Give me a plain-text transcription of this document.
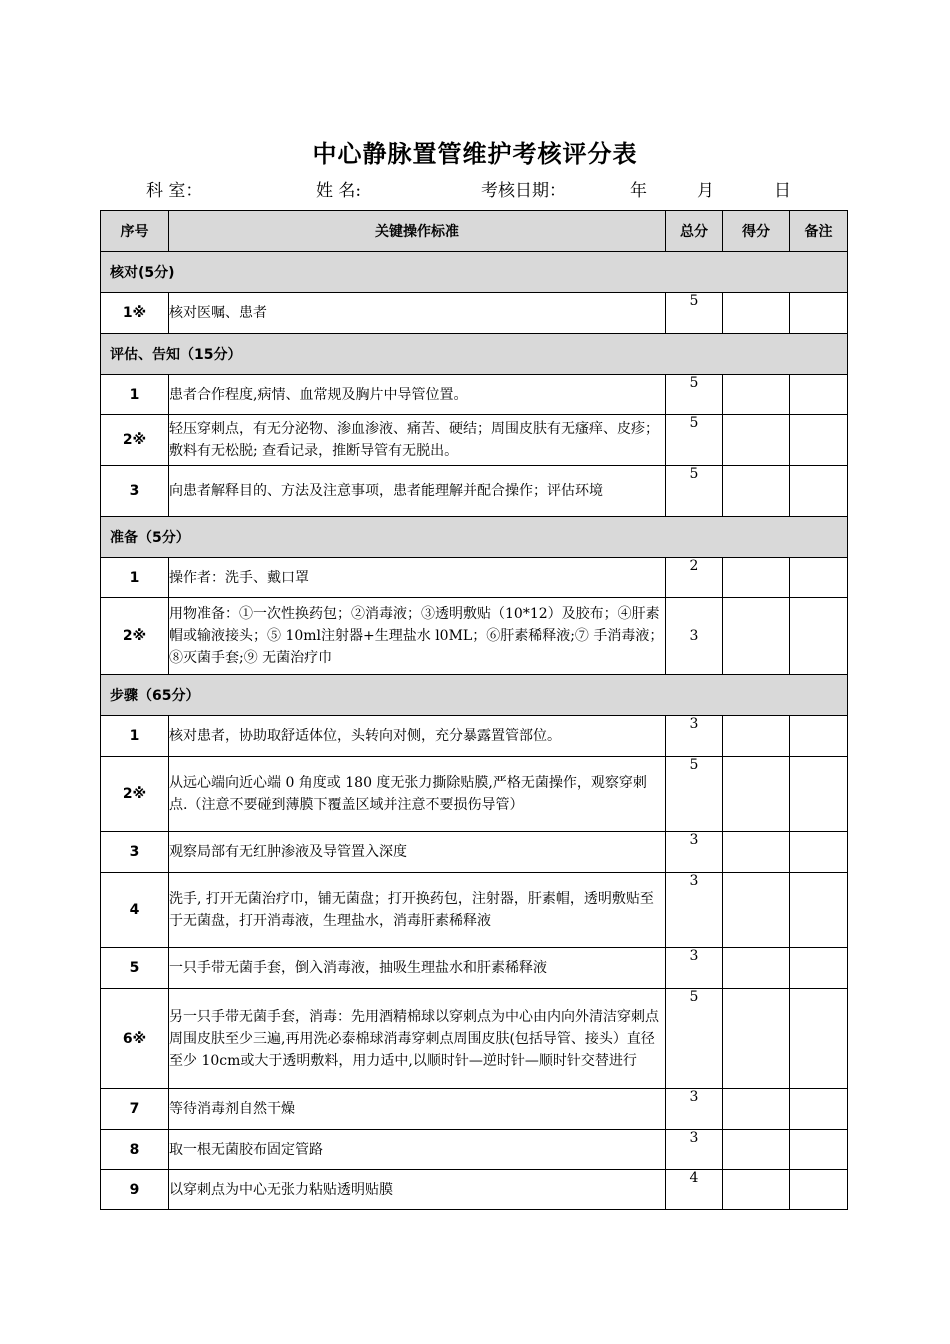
中心静脉置管维护考核评分表
科 室：	姓 名:	考核日期：	年	月	日
序号	关键操作标准	总分	得分	备注
核对(5分)				
1※	核对医嘱、患者	5		
评估、告知（15分）				
1	患者合作程度,病情、血常规及胸片中导管位置。	5		
2※	轻压穿刺点，有无分泌物、渗血渗液、痛苦、硬结；周围皮肤有无瘙痒、皮疹；敷料有无松脱; 查看记录，推断导管有无脱出。	5		
3	向患者解释目的、方法及注意事项，患者能理解并配合操作；评估环境	5		
准备（5分）				
1	操作者：洗手、戴口罩	2		
2※	用物准备：①一次性换药包；②消毒液；③透明敷贴（10*12）及胶布；④肝素帽或输液接头；⑤ 10ml注射器+生理盐水 l0ML；⑥肝素稀释液;⑦ 手消毒液；⑧灭菌手套;⑨ 无菌治疗巾	3		
步骤（65分）				
1	核对患者，协助取舒适体位，头转向对侧，充分暴露置管部位。	3		
2※	从远心端向近心端 0 角度或 180 度无张力撕除贴膜,严格无菌操作，观察穿刺点.（注意不要碰到薄膜下覆盖区域并注意不要损伤导管）	5		
3	观察局部有无红肿渗液及导管置入深度	3		
4	洗手, 打开无菌治疗巾，铺无菌盘；打开换药包，注射器，肝素帽，透明敷贴至于无菌盘，打开消毒液，生理盐水，消毒肝素稀释液	3		
5	一只手带无菌手套，倒入消毒液，抽吸生理盐水和肝素稀释液	3		
6※	另一只手带无菌手套，消毒：先用酒精棉球以穿刺点为中心由内向外清洁穿刺点周围皮肤至少三遍,再用洗必泰棉球消毒穿刺点周围皮肤(包括导管、接头）直径至少 10cm或大于透明敷料，用力适中,以顺时针—逆时针—顺时针交替进行	5		
7	等待消毒剂自然干燥	3		
8	取一根无菌胶布固定管路	3		
9	以穿刺点为中心无张力粘贴透明贴膜	4		
